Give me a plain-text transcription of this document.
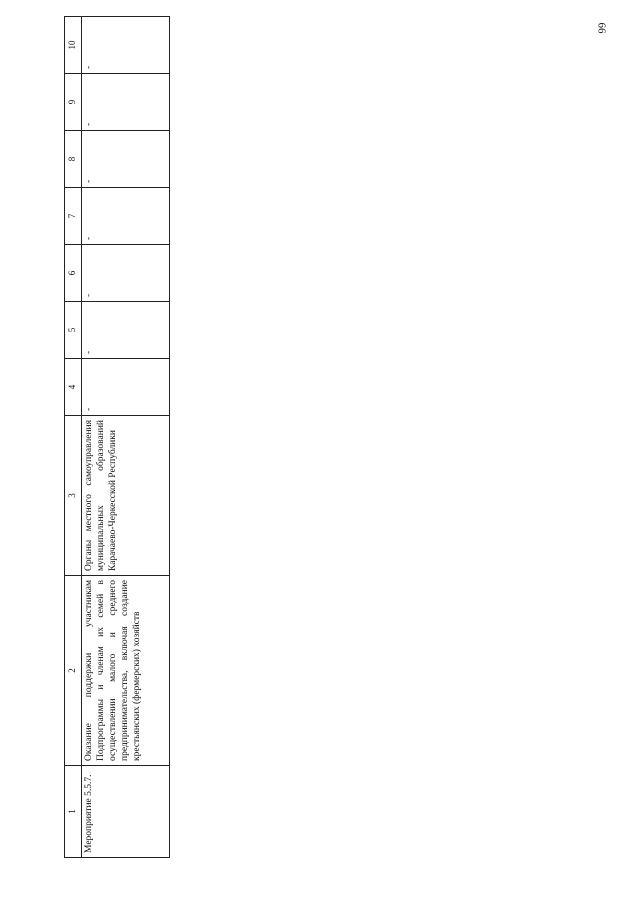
66
1	2	3	4	5	6	7	8	9	10
Мероприятие 5.5.7.	Оказание поддержки участникам Подпрограммы и членам их семей в осуществлении малого и среднего предпринимательства, включая создание крестьянских (фермерских) хозяйств	Органы местного самоуправления муниципальных образований Карачаево-Черкесской Республики	-	-	-	-	-	-	-
